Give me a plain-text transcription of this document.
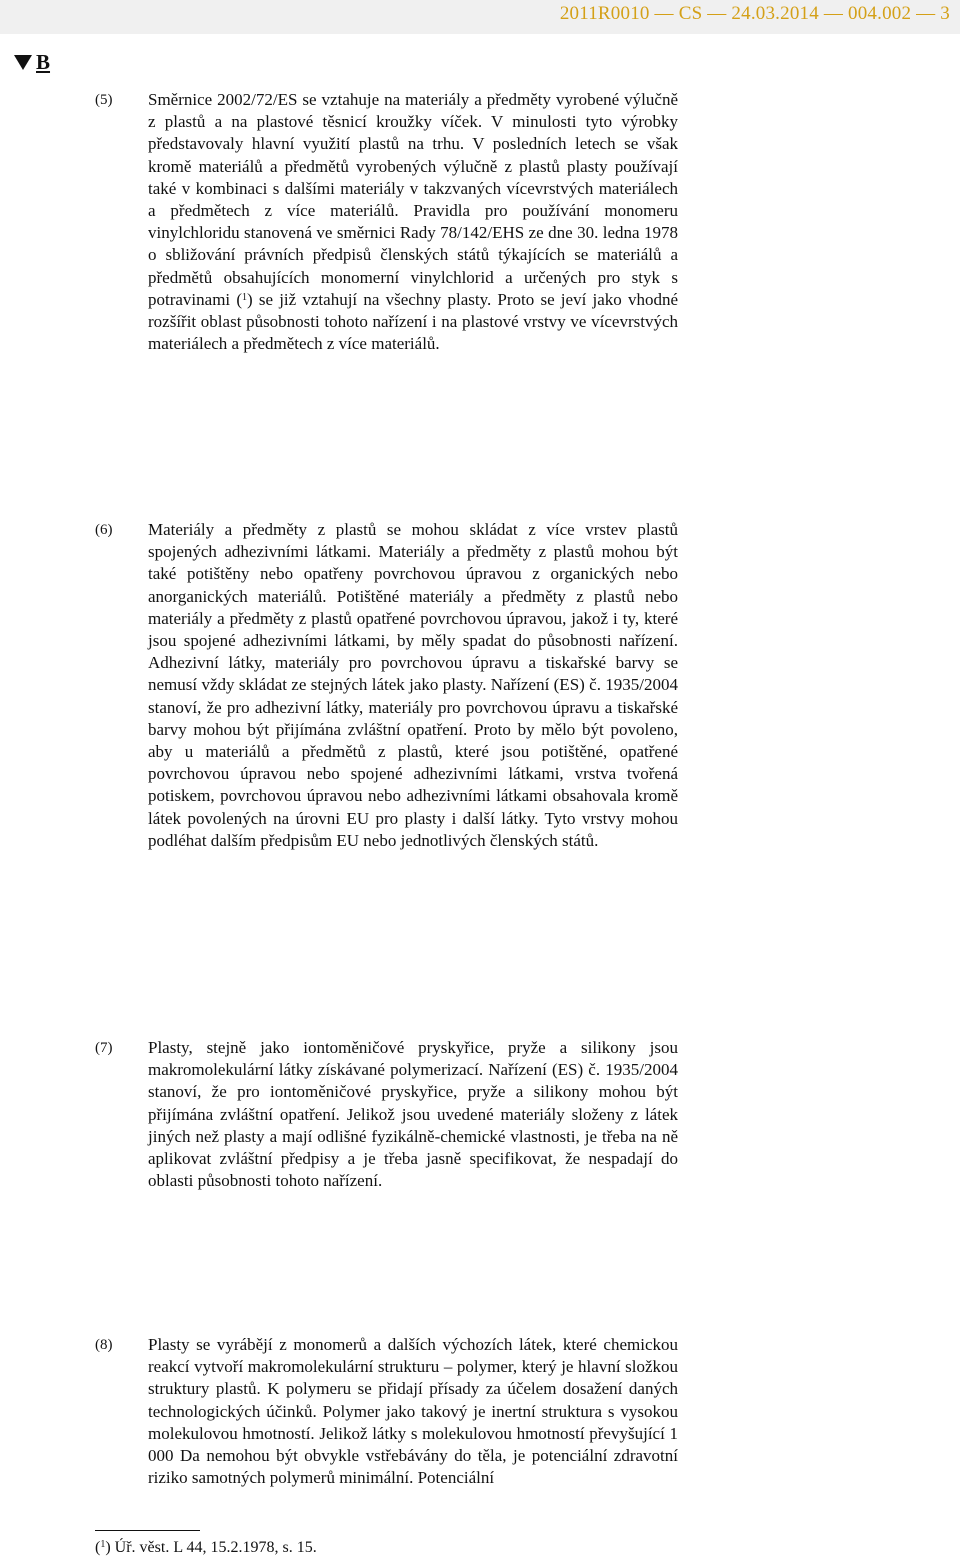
2011R0010 — CS — 24.03.2014 — 004.002 — 3
B
(5) Směrnice 2002/72/ES se vztahuje na materiály a předměty vyrobené výlučně z plastů a na plastové těsnicí kroužky víček. V minulosti tyto výrobky představovaly hlavní využití plastů na trhu. V posledních letech se však kromě materiálů a předmětů vyrobených výlučně z plastů plasty používají také v kombinaci s dalšími materiály v takzvaných vícevrstvých materiálech a předmětech z více materiálů. Pravidla pro používání monomeru vinylchloridu stanovená ve směrnici Rady 78/142/EHS ze dne 30. ledna 1978 o sbližování právních předpisů členských států týkajících se materiálů a předmětů obsahujících monomerní vinylchlorid a určených pro styk s potravinami ($^1$) se již vztahují na všechny plasty. Proto se jeví jako vhodné rozšířit oblast působnosti tohoto nařízení i na plastové vrstvy ve vícevrstvých materiálech a předmětech z více materiálů.

(6) Materiály a předměty z plastů se mohou skládat z více vrstev plastů spojených adhezivními látkami. Materiály a předměty z plastů mohou být také potištěny nebo opatřeny povrchovou úpravou z organických nebo anorganických materiálů. Potištěné materiály a předměty z plastů nebo materiály a předměty z plastů opatřené povrchovou úpravou, jakož i ty, které jsou spojené adhezivními látkami, by měly spadat do působnosti nařízení. Adhezivní látky, materiály pro povrchovou úpravu a tiskařské barvy se nemusí vždy skládat ze stejných látek jako plasty. Nařízení (ES) č. 1935/2004 stanoví, že pro adhezivní látky, materiály pro povrchovou úpravu a tiskařské barvy mohou být přijímána zvláštní opatření. Proto by mělo být povoleno, aby u materiálů a předmětů z plastů, které jsou potištěné, opatřené povrchovou úpravou nebo spojené adhezivními látkami, vrstva tvořená potiskem, povrchovou úpravou nebo adhezivními látkami obsahovala kromě látek povolených na úrovni EU pro plasty i další látky. Tyto vrstvy mohou podléhat dalším předpisům EU nebo jednotlivých členských států.

(7) Plasty, stejně jako iontoměničové pryskyřice, pryže a silikony jsou makromolekulární látky získávané polymerizací. Nařízení (ES) č. 1935/2004 stanoví, že pro iontoměničové pryskyřice, pryže a silikony mohou být přijímána zvláštní opatření. Jelikož jsou uvedené materiály složeny z látek jiných než plasty a mají odlišné fyzikálně-chemické vlastnosti, je třeba na ně aplikovat zvláštní předpisy a je třeba jasně specifikovat, že nespadají do oblasti působnosti tohoto nařízení.

(8) Plasty se vyrábějí z monomerů a dalších výchozích látek, které chemickou reakcí vytvoří makromolekulární strukturu – polymer, který je hlavní složkou struktury plastů. K polymeru se přidají přísady za účelem dosažení daných technologických účinků. Polymer jako takový je inertní struktura s vysokou molekulovou hmotností. Jelikož látky s molekulovou hmotností převyšující 1 000 Da nemohou být obvykle vstřebávány do těla, je potenciální zdravotní riziko samotných polymerů minimální. Potenciální

($^1$) Úř. věst. L 44, 15.2.1978, s. 15.
